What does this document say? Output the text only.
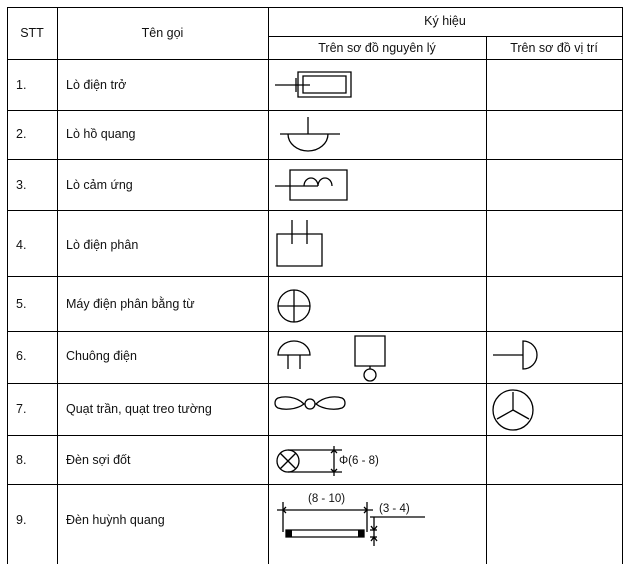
STT	Tên gọi
Ký hiệu
Trên sơ đồ nguyên lý	Trên sơ đồ vị trí
1.	Lò điện trở
2.	Lò hồ quang
3.	Lò cảm ứng
4.	Lò điện phân
5.	Máy điện phân bằng từ
6.	Chuông điện
7.	Quạt trần, quạt treo tường
8.	Đèn sợi đốt
9.	Đèn huỳnh quang
Φ(6 - 8)
(8 - 10)
(3 - 4)
